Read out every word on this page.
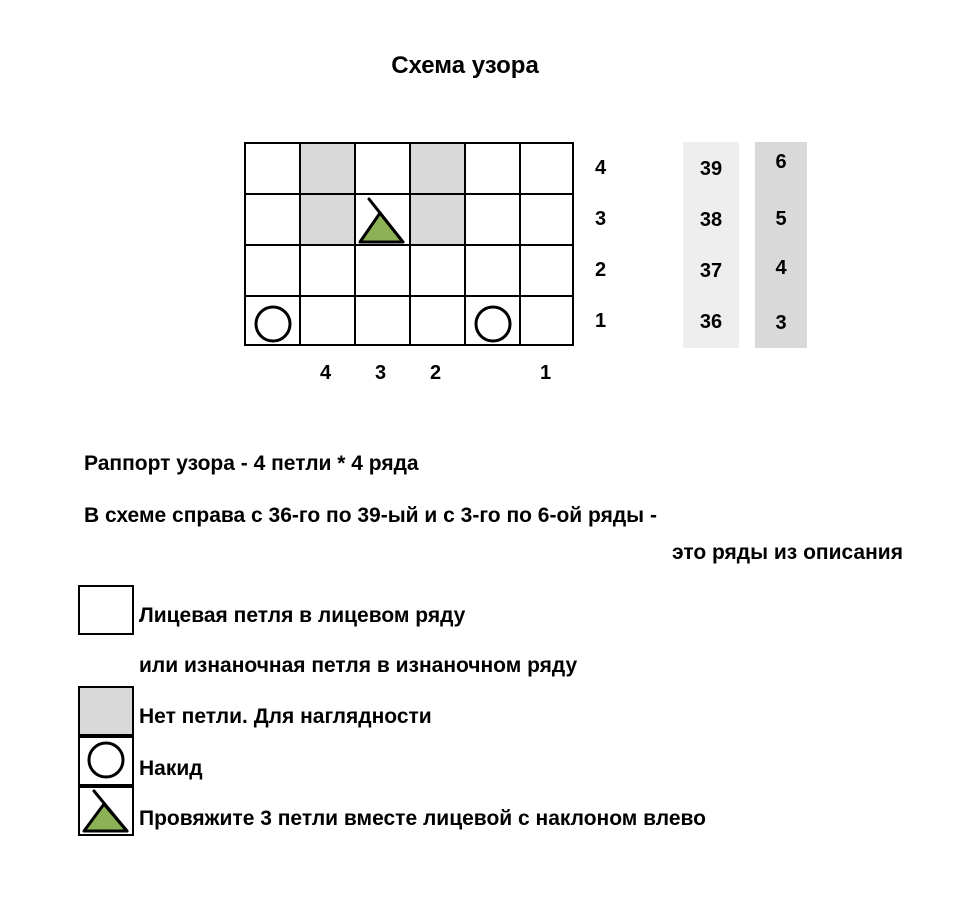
Схема узора
4
3
2
1
4 3 2	1
39
38
37
36
6
5
4
3
Раппорт узора - 4 петли * 4 ряда
В схеме справа с 36-го по 39-ый и с 3-го по 6-ой ряды -
это ряды из описания
Лицевая петля в лицевом ряду
или изнаночная петля в изнаночном ряду
Нет петли. Для наглядности
Накид
Провяжите 3 петли вместе лицевой с наклоном влево
